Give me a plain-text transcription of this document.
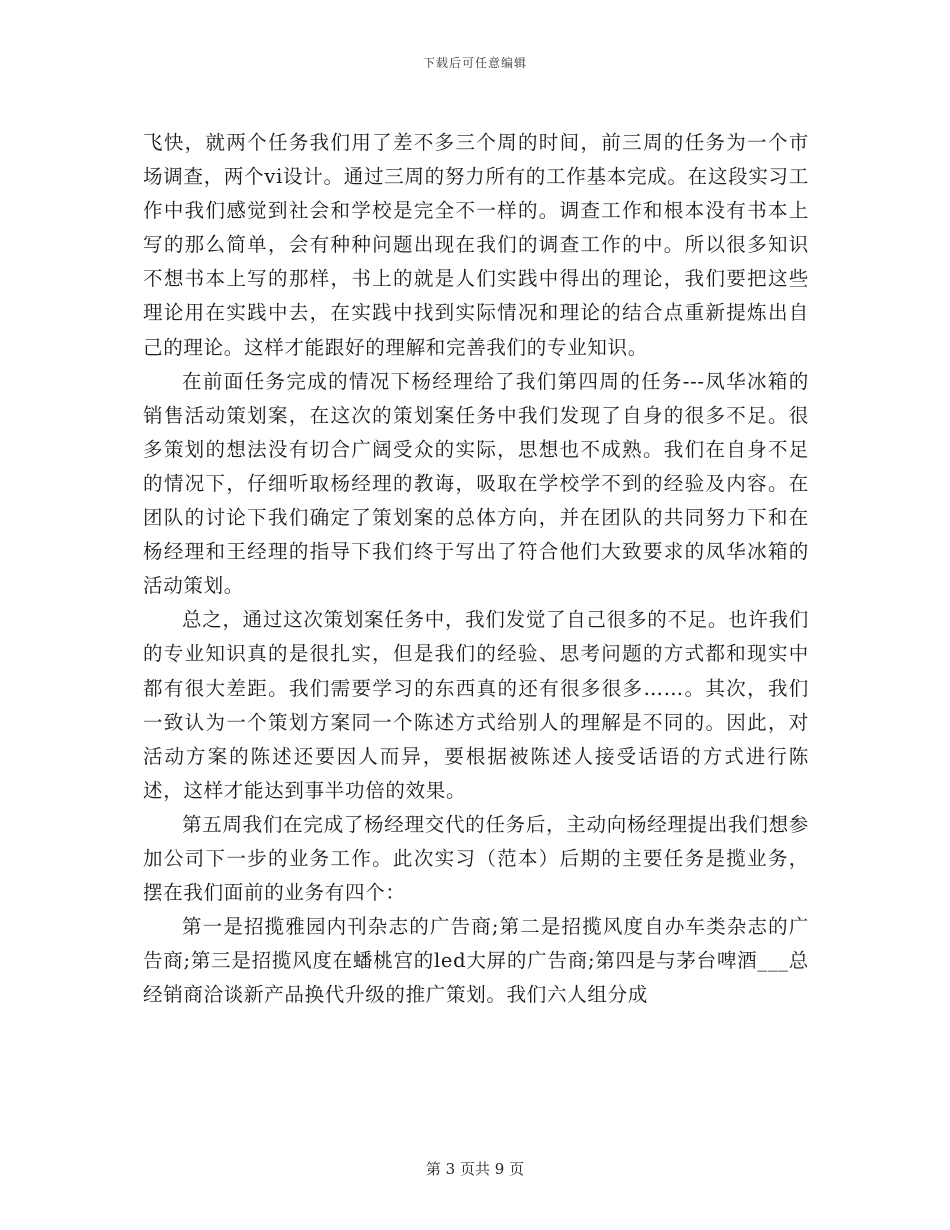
下载后可任意编辑

飞快，就两个任务我们用了差不多三个周的时间，前三周的任务为一个市场调查，两个vi设计。通过三周的努力所有的工作基本完成。在这段实习工作中我们感觉到社会和学校是完全不一样的。调查工作和根本没有书本上写的那么简单，会有种种问题出现在我们的调查工作的中。所以很多知识不想书本上写的那样，书上的就是人们实践中得出的理论，我们要把这些理论用在实践中去，在实践中找到实际情况和理论的结合点重新提炼出自己的理论。这样才能跟好的理解和完善我们的专业知识。

在前面任务完成的情况下杨经理给了我们第四周的任务---凤华冰箱的销售活动策划案，在这次的策划案任务中我们发现了自身的很多不足。很多策划的想法没有切合广阔受众的实际，思想也不成熟。我们在自身不足的情况下，仔细听取杨经理的教诲，吸取在学校学不到的经验及内容。在团队的讨论下我们确定了策划案的总体方向，并在团队的共同努力下和在杨经理和王经理的指导下我们终于写出了符合他们大致要求的凤华冰箱的活动策划。

总之，通过这次策划案任务中，我们发觉了自己很多的不足。也许我们的专业知识真的是很扎实，但是我们的经验、思考问题的方式都和现实中都有很大差距。我们需要学习的东西真的还有很多很多……。其次，我们一致认为一个策划方案同一个陈述方式给别人的理解是不同的。因此，对活动方案的陈述还要因人而异，要根据被陈述人接受话语的方式进行陈述，这样才能达到事半功倍的效果。

第五周我们在完成了杨经理交代的任务后，主动向杨经理提出我们想参加公司下一步的业务工作。此次实习（范本）后期的主要任务是揽业务，摆在我们面前的业务有四个：

第一是招揽雅园内刊杂志的广告商;第二是招揽风度自办车类杂志的广告商;第三是招揽风度在蟠桃宫的led大屏的广告商;第四是与茅台啤酒___总经销商洽谈新产品换代升级的推广策划。我们六人组分成

第 3 页共 9 页
